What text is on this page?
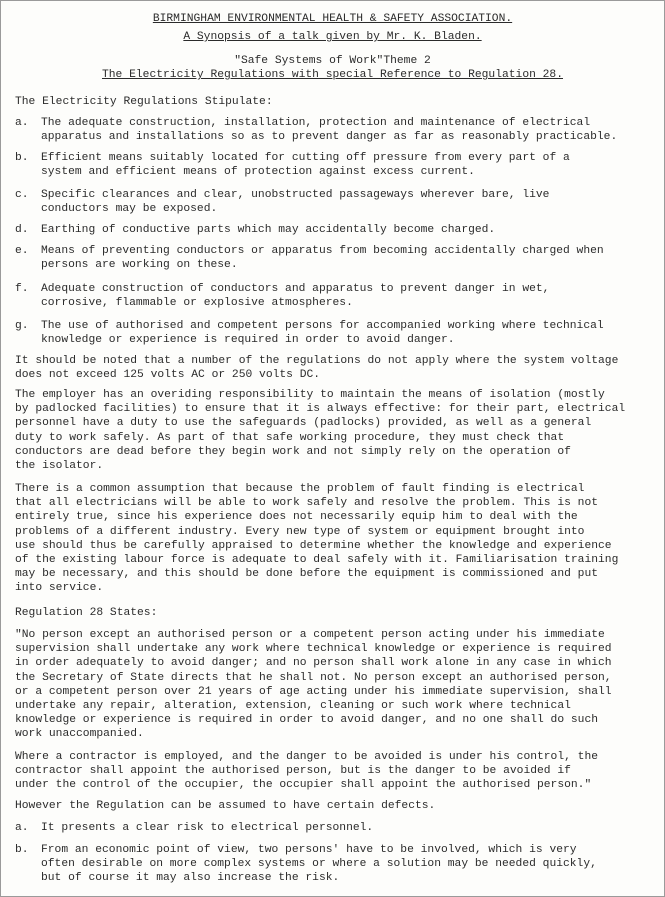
BIRMINGHAM ENVIRONMENTAL HEALTH & SAFETY ASSOCIATION.
A Synopsis of a talk given by Mr. K. Bladen.
"Safe Systems of Work"Theme 2
The Electricity Regulations with special Reference to Regulation 28.
The Electricity Regulations Stipulate:
a. The adequate construction, installation, protection and maintenance of electrical
apparatus and installations so as to prevent danger as far as reasonably practicable.
b. Efficient means suitably located for cutting off pressure from every part of a
system and efficient means of protection against excess current.
c. Specific clearances and clear, unobstructed passageways wherever bare, live
conductors may be exposed.
d. Earthing of conductive parts which may accidentally become charged.
e. Means of preventing conductors or apparatus from becoming accidentally charged when
persons are working on these.
f. Adequate construction of conductors and apparatus to prevent danger in wet,
corrosive, flammable or explosive atmospheres.
g. The use of authorised and competent persons for accompanied working where technical
knowledge or experience is required in order to avoid danger.
It should be noted that a number of the regulations do not apply where the system voltage
does not exceed 125 volts AC or 250 volts DC.
The employer has an overiding responsibility to maintain the means of isolation (mostly
by padlocked facilities) to ensure that it is always effective: for their part, electrical
personnel have a duty to use the safeguards (padlocks) provided, as well as a general
duty to work safely. As part of that safe working procedure, they must check that
conductors are dead before they begin work and not simply rely on the operation of
the isolator.
There is a common assumption that because the problem of fault finding is electrical
that all electricians will be able to work safely and resolve the problem. This is not
entirely true, since his experience does not necessarily equip him to deal with the
problems of a different industry. Every new type of system or equipment brought into
use should thus be carefully appraised to determine whether the knowledge and experience
of the existing labour force is adequate to deal safely with it. Familiarisation training
may be necessary, and this should be done before the equipment is commissioned and put
into service.
Regulation 28 States:
"No person except an authorised person or a competent person acting under his immediate
supervision shall undertake any work where technical knowledge or experience is required
in order adequately to avoid danger; and no person shall work alone in any case in which
the Secretary of State directs that he shall not. No person except an authorised person,
or a competent person over 21 years of age acting under his immediate supervision, shall
undertake any repair, alteration, extension, cleaning or such work where technical
knowledge or experience is required in order to avoid danger, and no one shall do such
work unaccompanied.
Where a contractor is employed, and the danger to be avoided is under his control, the
contractor shall appoint the authorised person, but is the danger to be avoided if
under the control of the occupier, the occupier shall appoint the authorised person."
However the Regulation can be assumed to have certain defects.
a. It presents a clear risk to electrical personnel.
b. From an economic point of view, two persons' have to be involved, which is very
often desirable on more complex systems or where a solution may be needed quickly,
but of course it may also increase the risk.
